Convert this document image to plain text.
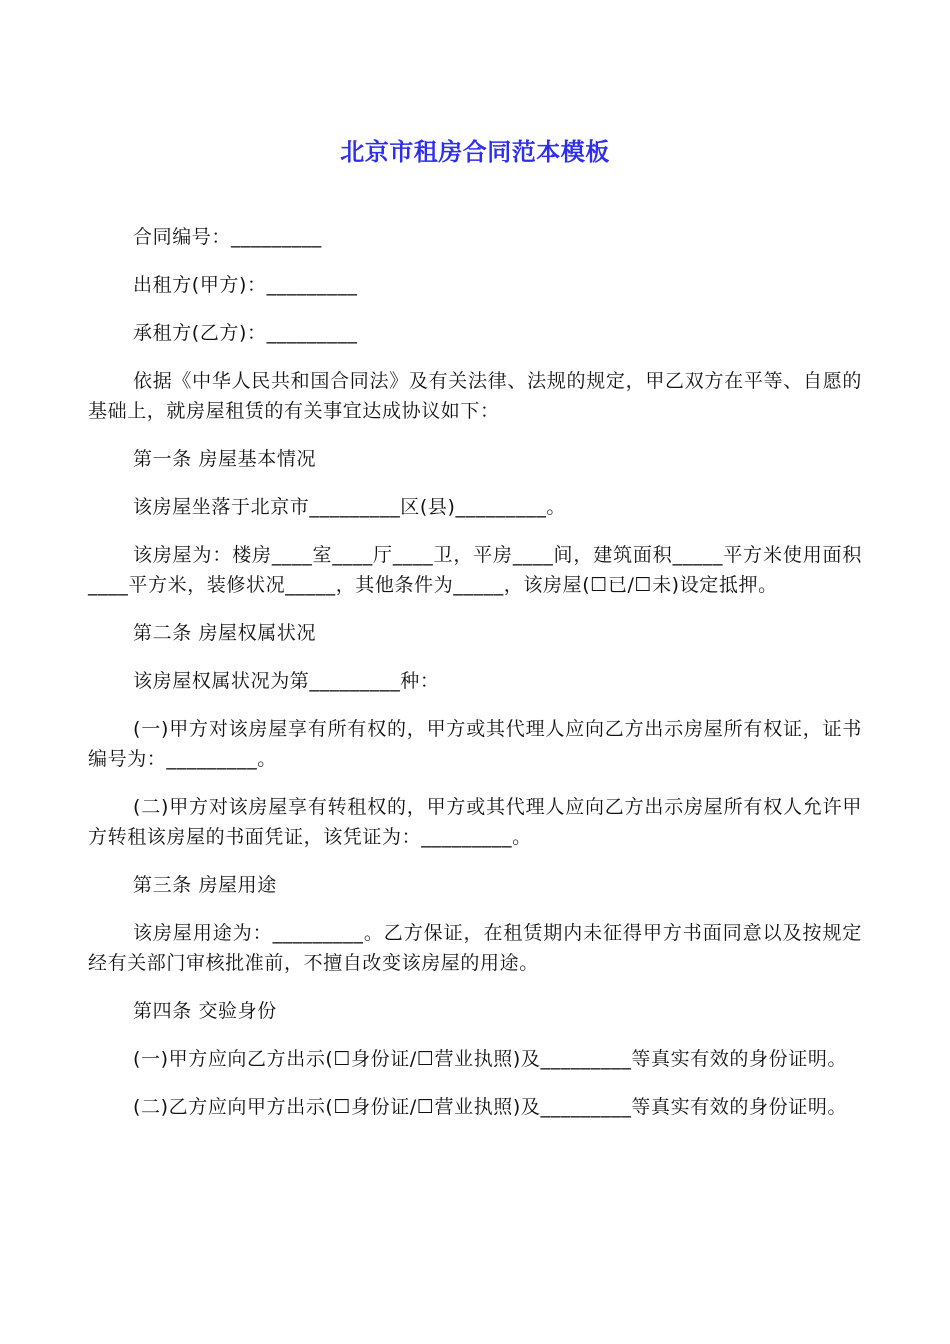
北京市租房合同范本模板

合同编号：_________

出租方(甲方)：_________

承租方(乙方)：_________

依据《中华人民共和国合同法》及有关法律、法规的规定，甲乙双方在平等、自愿的基础上，就房屋租赁的有关事宜达成协议如下：

第一条 房屋基本情况

该房屋坐落于北京市_________区(县)_________。

该房屋为：楼房____室____厅____卫，平房____间，建筑面积_____平方米使用面积 ____平方米，装修状况_____，其他条件为_____，该房屋(☐已/☐未)设定抵押。

第二条 房屋权属状况

该房屋权属状况为第_________种：

(一)甲方对该房屋享有所有权的，甲方或其代理人应向乙方出示房屋所有权证，证书编号为：_________。

(二)甲方对该房屋享有转租权的，甲方或其代理人应向乙方出示房屋所有权人允许甲方转租该房屋的书面凭证，该凭证为：_________。

第三条 房屋用途

该房屋用途为：_________。乙方保证，在租赁期内未征得甲方书面同意以及按规定经有关部门审核批准前，不擅自改变该房屋的用途。

第四条 交验身份

(一)甲方应向乙方出示(☐身份证/☐营业执照)及_________等真实有效的身份证明。

(二)乙方应向甲方出示(☐身份证/☐营业执照)及_________等真实有效的身份证明。
